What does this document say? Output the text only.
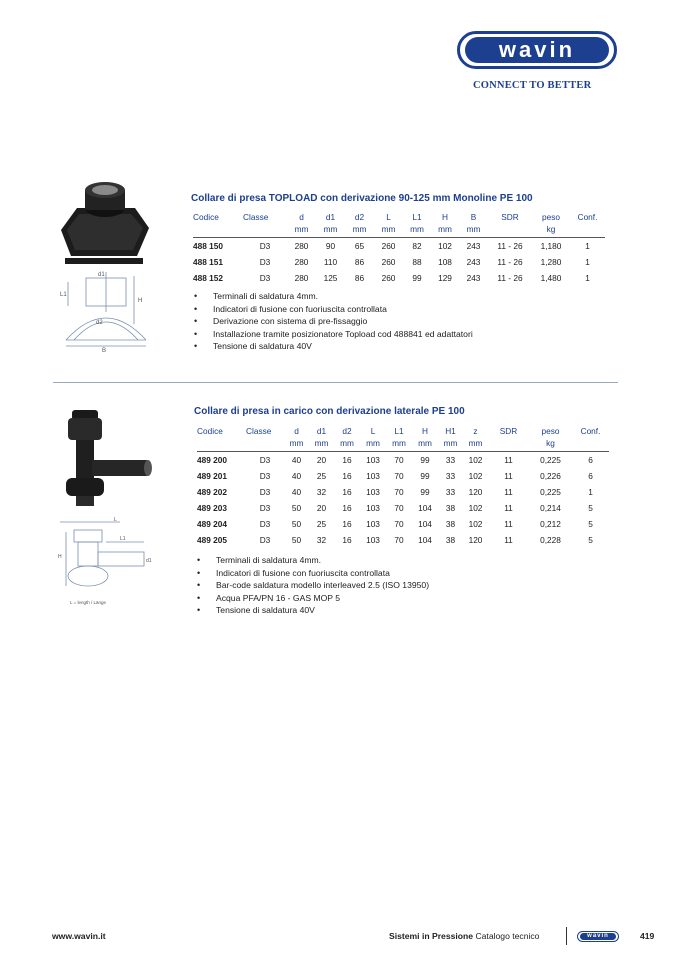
wavin
CONNECT TO BETTER
d1
d2
L1
H
B
Collare di presa TOPLOAD con derivazione 90-125 mm Monoline PE 100
Codice	Classe	d	d1	d2	L	L1	H	B	SDR	peso	Conf.
		mm	mm	mm	mm	mm	mm	mm		kg	
488 150	D3	280	90	65	260	82	102	243	11 - 26	1,180	1
488 151	D3	280	110	86	260	88	108	243	11 - 26	1,280	1
488 152	D3	280	125	86	260	99	129	243	11 - 26	1,480	1
• Terminali di saldatura 4mm.
• Indicatori di fusione con fuoriuscita controllata
• Derivazione con sistema di pre-fissaggio
• Installazione tramite posizionatore Topload cod 488841 ed adattatori
• Tensione di saldatura 40V
L
L1
H
d1
L = length / Länge
Collare di presa in carico con derivazione laterale PE 100
Codice	Classe	d	d1	d2	L	L1	H	H1	z	SDR	peso	Conf.
		mm	mm	mm	mm	mm	mm	mm	mm		kg	
489 200	D3	40	20	16	103	70	99	33	102	11	0,225	6
489 201	D3	40	25	16	103	70	99	33	102	11	0,226	6
489 202	D3	40	32	16	103	70	99	33	120	11	0,225	1
489 203	D3	50	20	16	103	70	104	38	102	11	0,214	5
489 204	D3	50	25	16	103	70	104	38	102	11	0,212	5
489 205	D3	50	32	16	103	70	104	38	120	11	0,228	5
• Terminali di saldatura 4mm.
• Indicatori di fusione con fuoriuscita controllata
• Bar-code saldatura modello interleaved 2.5 (ISO 13950)
• Acqua PFA/PN 16 - GAS MOP 5
• Tensione di saldatura 40V
www.wavin.it	Sistemi in Pressione Catalogo tecnico	wavin	419
